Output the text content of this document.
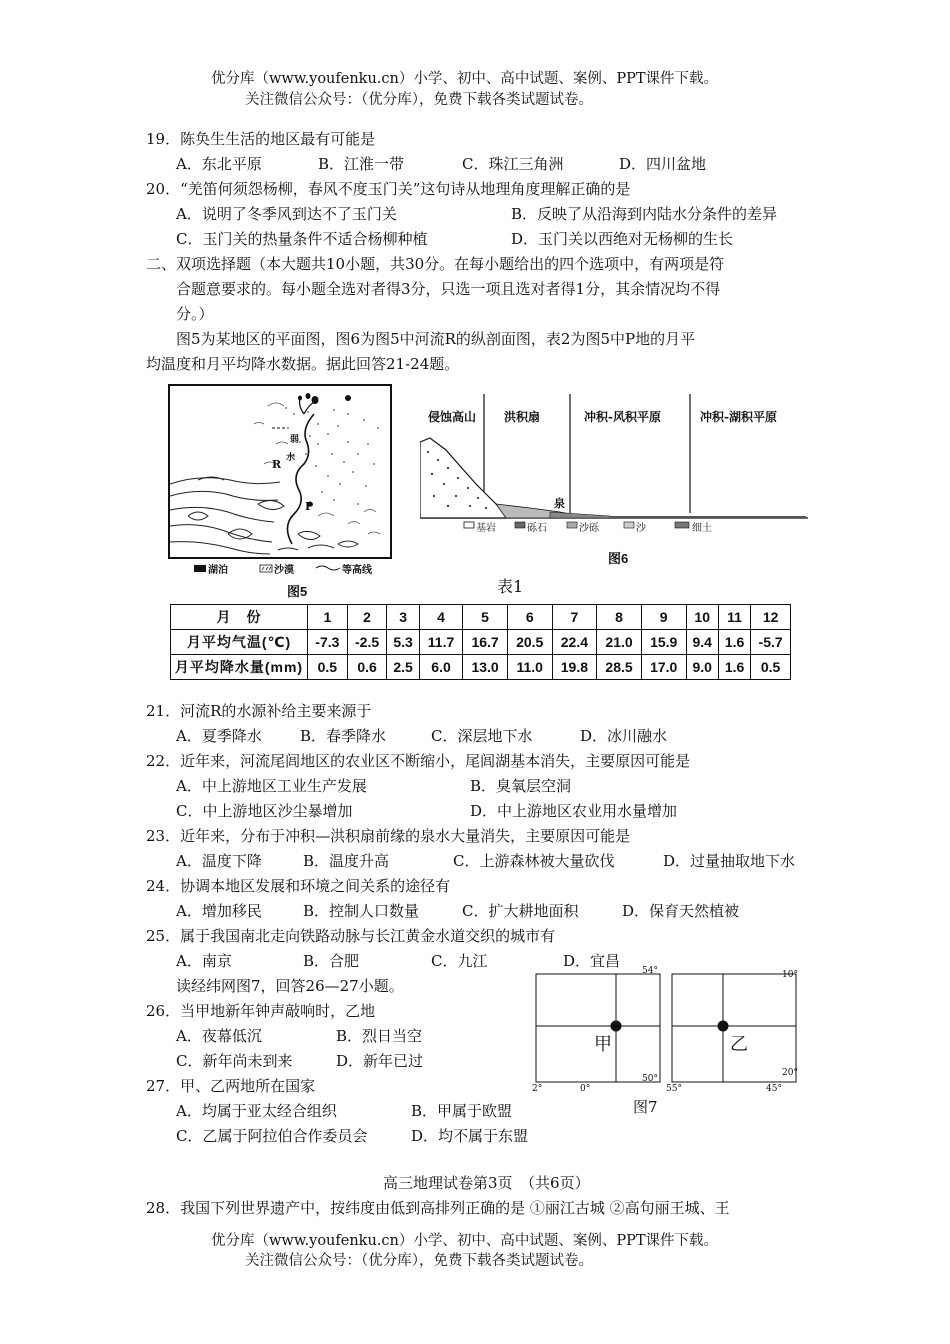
优分库（www.youfenku.cn）小学、初中、高中试题、案例、PPT课件下载。
关注微信公众号：（优分库），免费下载各类试题试卷。
19．陈奂生生活的地区最有可能是
A．东北平原	B．江淮一带	C．珠江三角洲	D．四川盆地
20．“羌笛何须怨杨柳，春风不度玉门关”这句诗从地理角度理解正确的是
A．说明了冬季风到达不了玉门关	B．反映了从沿海到内陆水分条件的差异
C．玉门关的热量条件不适合杨柳种植	D．玉门关以西绝对无杨柳的生长
二、双项选择题（本大题共10小题，共30分。在每小题给出的四个选项中，有两项是符
合题意要求的。每小题全选对者得3分，只选一项且选对者得1分，其余情况均不得
分。）
图5为某地区的平面图，图6为图5中河流R的纵剖面图，表2为图5中P地的月平
均温度和月平均降水数据。据此回答21-24题。
R
P
弱
水
湖泊	沙漠	等高线
图5
侵蚀高山 洪积扇	冲积-风积平原	冲积-湖积平原
泉
基岩	砾石	沙砾	沙	细土
图6
表1
月　份	1	2	3	4	5	6	7	8	9	10	11	12
月平均气温(℃)	-7.3	-2.5	5.3	11.7	16.7	20.5	22.4	21.0	15.9	9.4	1.6	-5.7
月平均降水量(mm)	0.5	0.6	2.5	6.0	13.0	11.0	19.8	28.5	17.0	9.0	1.6	0.5
21．河流R的水源补给主要来源于
A．夏季降水	B．春季降水	C．深层地下水	D．冰川融水
22．近年来，河流尾闾地区的农业区不断缩小，尾闾湖基本消失，主要原因可能是
A．中上游地区工业生产发展	B．臭氧层空洞
C．中上游地区沙尘暴增加	D．中上游地区农业用水量增加
23．近年来，分布于冲积—洪积扇前缘的泉水大量消失，主要原因可能是
A．温度下降	B．温度升高	C．上游森林被大量砍伐	D．过量抽取地下水
24．协调本地区发展和环境之间关系的途径有
A．增加移民	B．控制人口数量	C．扩大耕地面积	D．保育天然植被
25．属于我国南北走向铁路动脉与长江黄金水道交织的城市有
A．南京	B．合肥	C．九江	D．宜昌
读经纬网图7，回答26—27小题。
54°
50°
2°	0°
甲
10°
20°
55°	45°
乙
图7
26．当甲地新年钟声敲响时，乙地
A．夜幕低沉	B．烈日当空
C．新年尚未到来	D．新年已过
27．甲、乙两地所在国家
A．均属于亚太经合组织	B．甲属于欧盟
C．乙属于阿拉伯合作委员会	D．均不属于东盟
高三地理试卷第3页　（共6页）
28．我国下列世界遗产中，按纬度由低到高排列正确的是 ①丽江古城 ②高句丽王城、王
优分库（www.youfenku.cn）小学、初中、高中试题、案例、PPT课件下载。
关注微信公众号：（优分库），免费下载各类试题试卷。
